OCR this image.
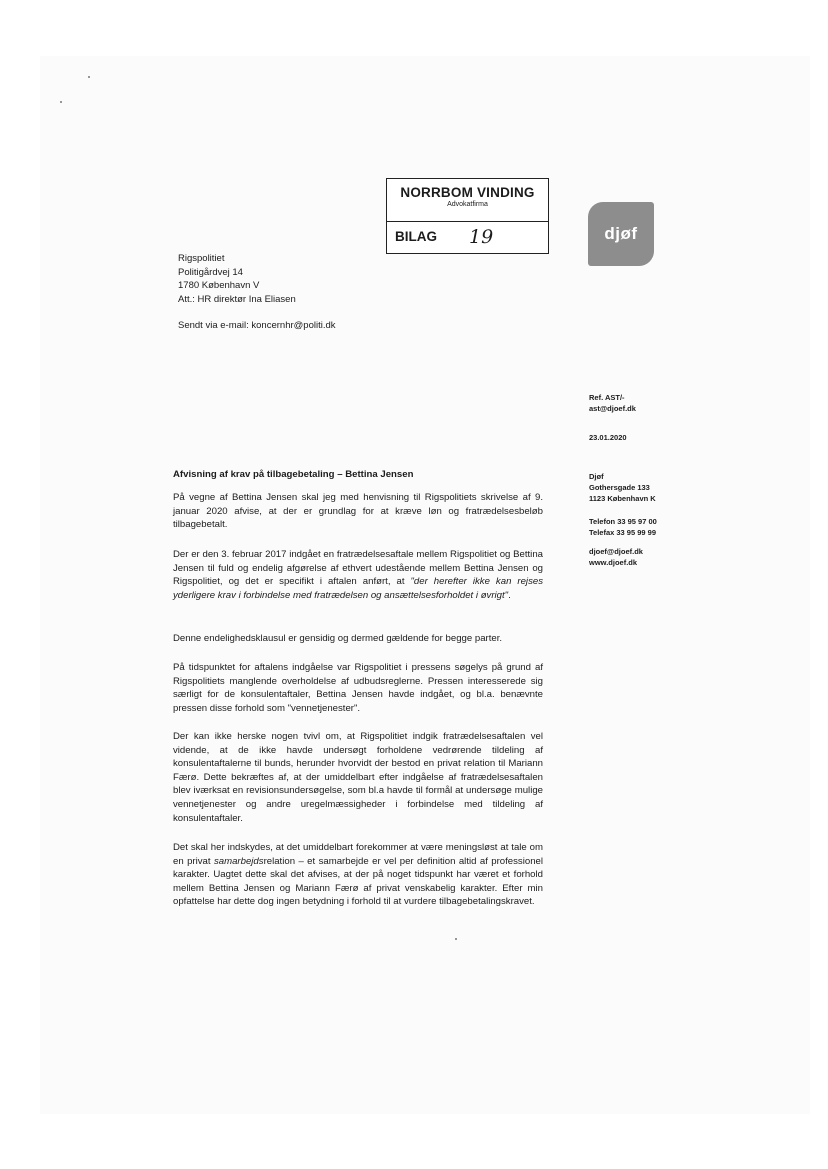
NORRBOM VINDING
Advokatfirma
BILAG 19	djøf
Rigspolitiet
Politigårdvej 14
1780 København V
Att.: HR direktør Ina Eliasen
Sendt via e-mail: koncernhr@politi.dk
Ref. AST/-
ast@djoef.dk
23.01.2020
Djøf
Gothersgade 133
1123 København K
Telefon 33 95 97 00
Telefax 33 95 99 99
djoef@djoef.dk
www.djoef.dk
Afvisning af krav på tilbagebetaling – Bettina Jensen

På vegne af Bettina Jensen skal jeg med henvisning til Rigspolitiets skrivelse af 9. januar 2020 afvise, at der er grundlag for at kræve løn og fratrædelsesbeløb tilbagebetalt.

Der er den 3. februar 2017 indgået en fratrædelsesaftale mellem Rigspolitiet og Bettina Jensen til fuld og endelig afgørelse af ethvert udestående mellem Bettina Jensen og Rigspolitiet, og det er specifikt i aftalen anført, at "der herefter ikke kan rejses yderligere krav i forbindelse med fratrædelsen og ansættelsesforholdet i øvrigt".

Denne endelighedsklausul er gensidig og dermed gældende for begge parter.

På tidspunktet for aftalens indgåelse var Rigspolitiet i pressens søgelys på grund af Rigspolitiets manglende overholdelse af udbudsreglerne. Pressen interesserede sig særligt for de konsulentaftaler, Bettina Jensen havde indgået, og bl.a. benævnte pressen disse forhold som "vennetjenester".

Der kan ikke herske nogen tvivl om, at Rigspolitiet indgik fratrædelsesaftalen vel vidende, at de ikke havde undersøgt forholdene vedrørende tildeling af konsulentaftalerne til bunds, herunder hvorvidt der bestod en privat relation til Mariann Færø. Dette bekræftes af, at der umiddelbart efter indgåelse af fratrædelsesaftalen blev iværksat en revisionsundersøgelse, som bl.a havde til formål at undersøge mulige vennetjenester og andre uregelmæssigheder i forbindelse med tildeling af konsulentaftaler.

Det skal her indskydes, at det umiddelbart forekommer at være meningsløst at tale om en privat samarbejdsrelation – et samarbejde er vel per definition altid af professionel karakter. Uagtet dette skal det afvises, at der på noget tidspunkt har været et forhold mellem Bettina Jensen og Mariann Færø af privat venskabelig karakter. Efter min opfattelse har dette dog ingen betydning i forhold til at vurdere tilbagebetalingskravet.
